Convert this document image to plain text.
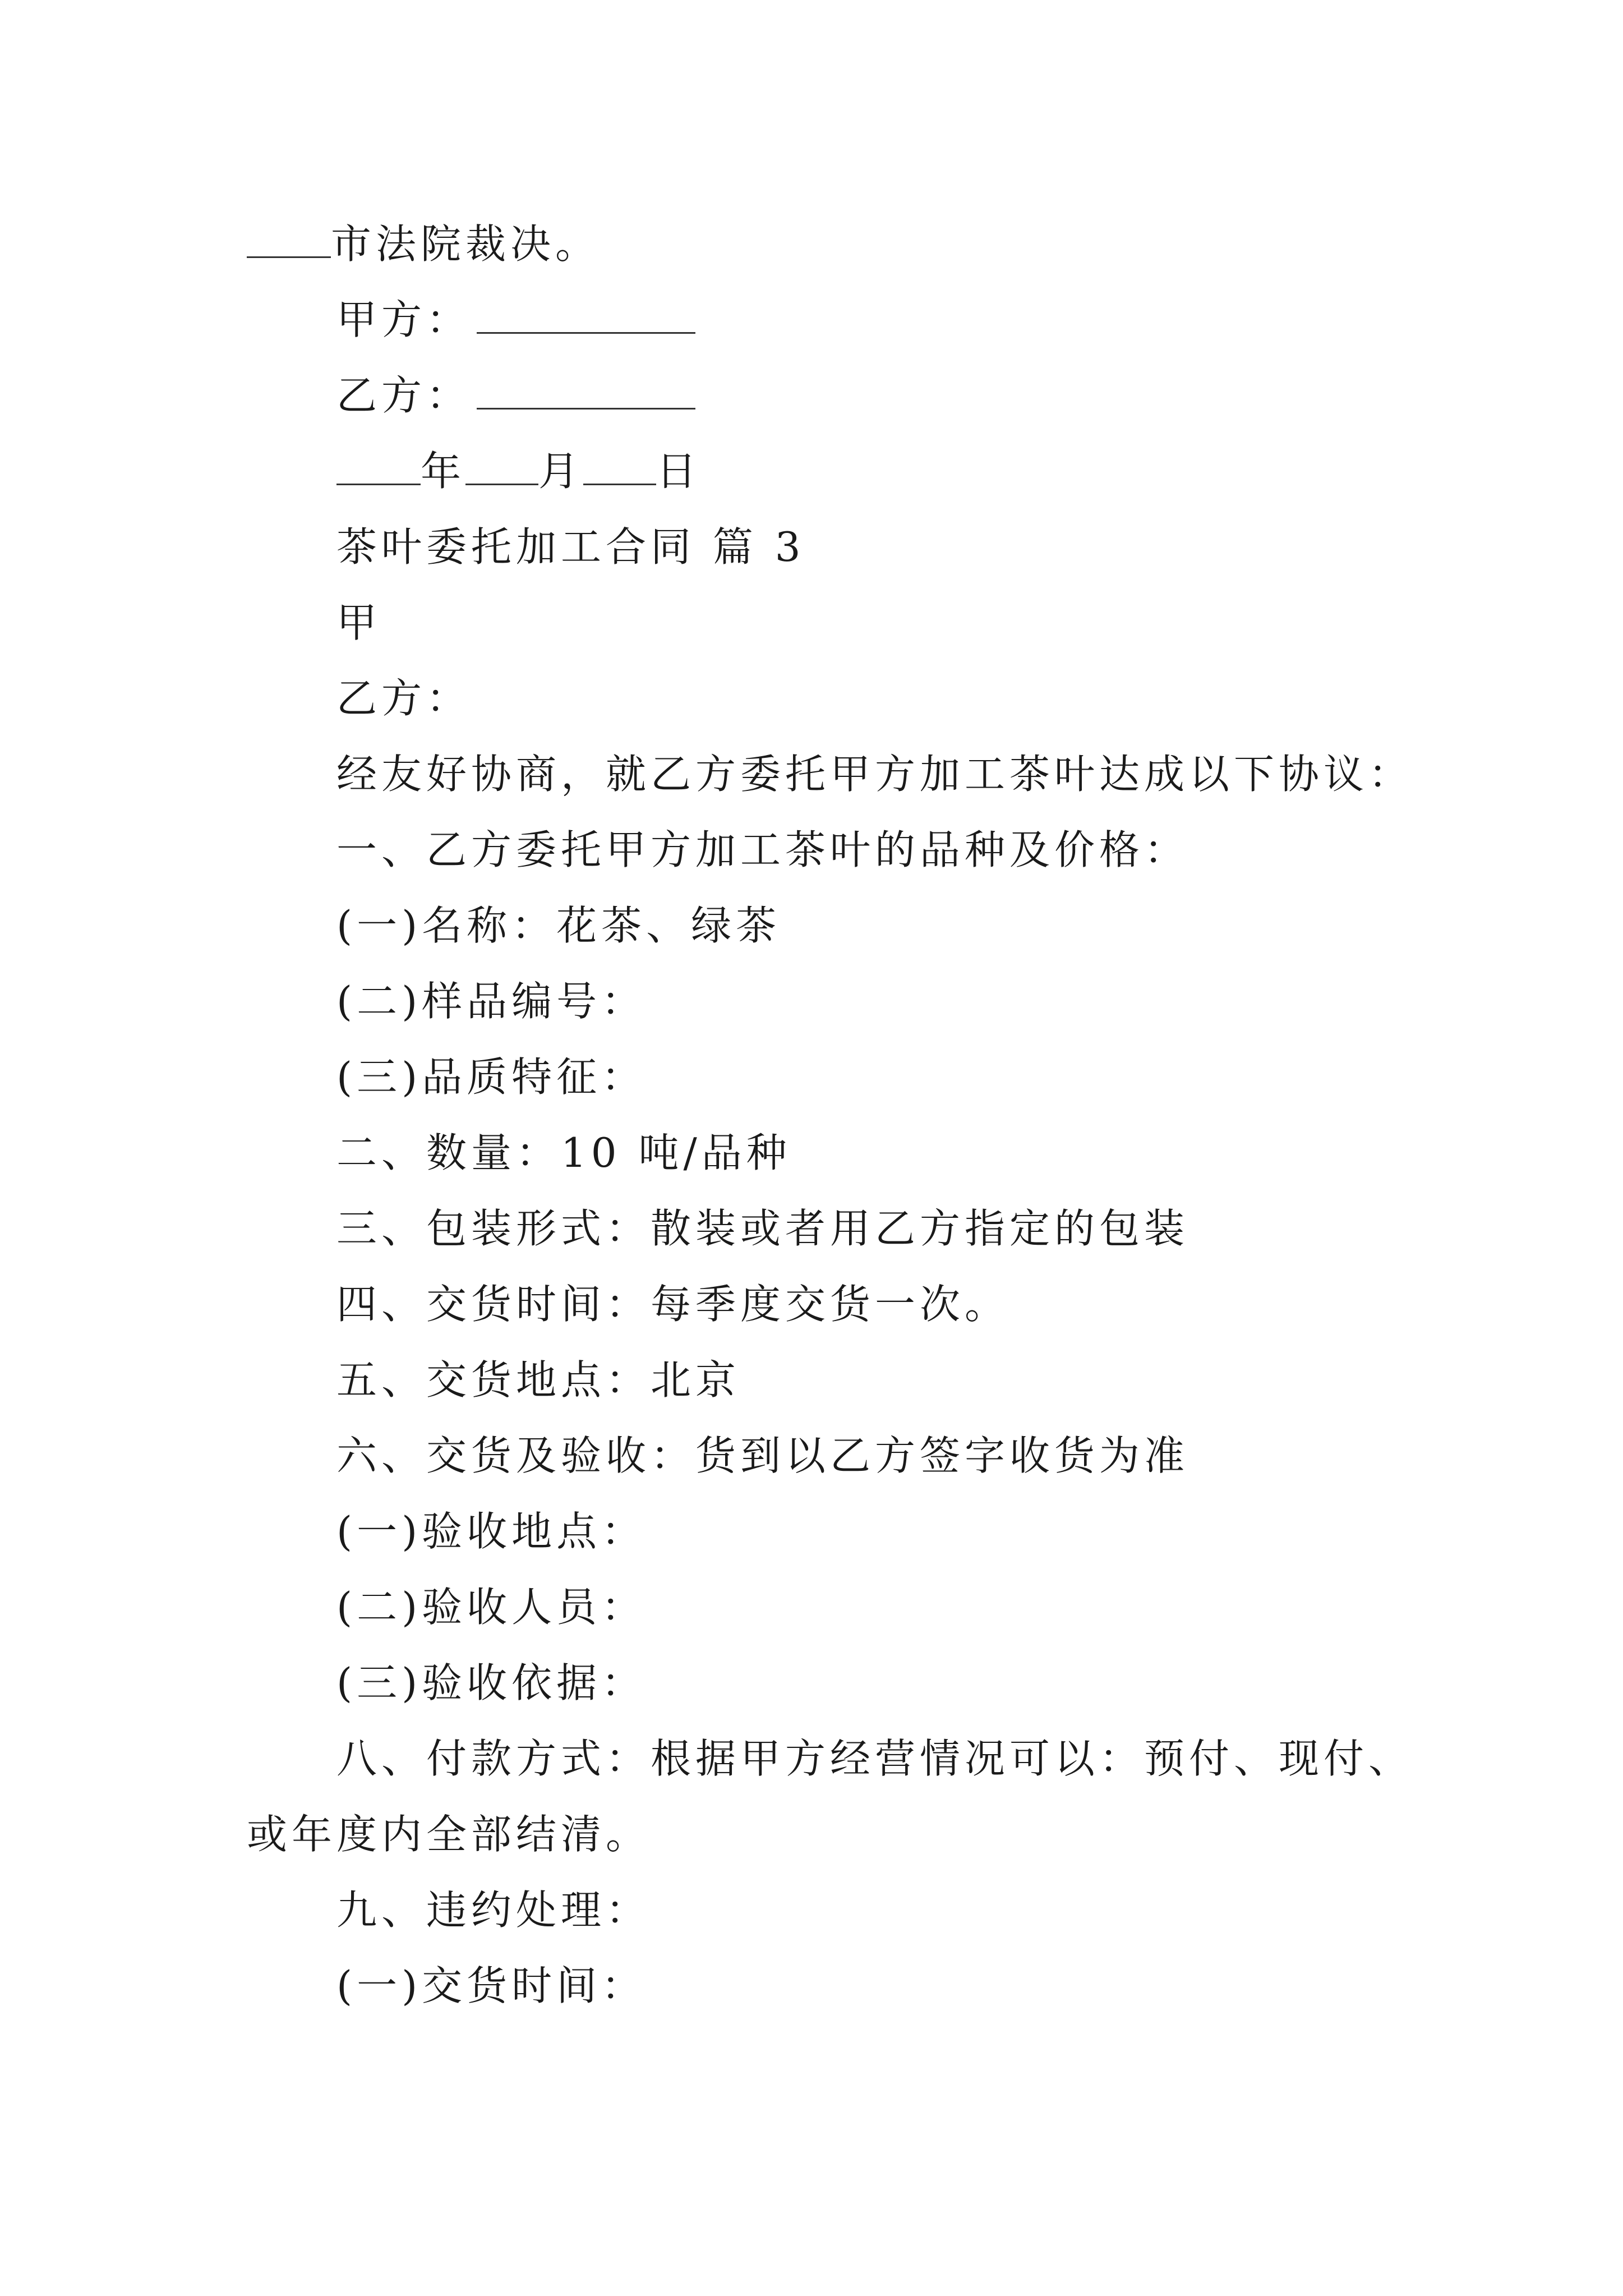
市法院裁决。
甲方：
乙方：
年 月 日
茶叶委托加工合同 篇 3
甲
乙方：
经友好协商，就乙方委托甲方加工茶叶达成以下协议：
一、乙方委托甲方加工茶叶的品种及价格：
(一)名称：花茶、绿茶
(二)样品编号：
(三)品质特征：
二、数量：10 吨/品种
三、包装形式：散装或者用乙方指定的包装
四、交货时间：每季度交货一次。
五、交货地点：北京
六、交货及验收：货到以乙方签字收货为准
(一)验收地点：
(二)验收人员：
(三)验收依据：
八、付款方式：根据甲方经营情况可以：预付、现付、
或年度内全部结清。
九、违约处理：
(一)交货时间：
